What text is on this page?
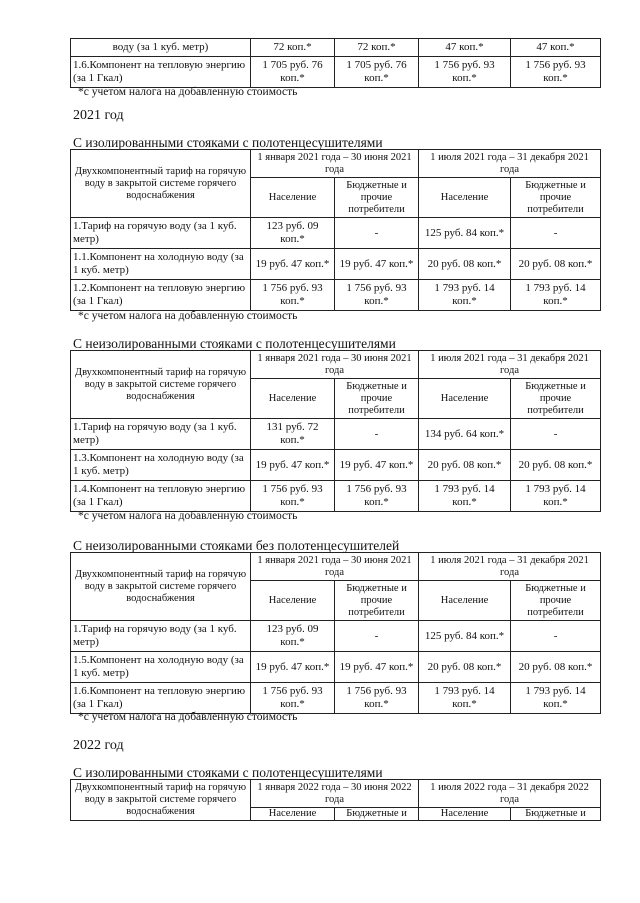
воду (за 1 куб. метр)	72 коп.*	72 коп.*	47 коп.*	47 коп.*
1.6.Компонент на тепловую энергию (за 1 Гкал)	1 705 руб. 76 коп.*	1 705 руб. 76 коп.*	1 756 руб. 93 коп.*	1 756 руб. 93 коп.*
*с учетом налога на добавленную стоимость
2021 год
С изолированными стояками с полотенцесушителями
Двухкомпонентный тариф на горячую воду в закрытой системе горячего водоснабжения	1 января 2021 года – 30 июня 2021 года		1 июля 2021 года – 31 декабря 2021 года	
	Население	Бюджетные и прочие потребители	Население	Бюджетные и прочие потребители
1.Тариф на горячую воду (за 1 куб. метр)	123 руб. 09 коп.*	-	125 руб. 84 коп.*	-
1.1.Компонент на холодную воду (за 1 куб. метр)	19 руб. 47 коп.*	19 руб. 47 коп.*	20 руб. 08 коп.*	20 руб. 08 коп.*
1.2.Компонент на тепловую энергию (за 1 Гкал)	1 756 руб. 93 коп.*	1 756 руб. 93 коп.*	1 793 руб. 14 коп.*	1 793 руб. 14 коп.*
*с учетом налога на добавленную стоимость
С неизолированными стояками с полотенцесушителями
Двухкомпонентный тариф на горячую воду в закрытой системе горячего водоснабжения	1 января 2021 года – 30 июня 2021 года		1 июля 2021 года – 31 декабря 2021 года	
	Население	Бюджетные и прочие потребители	Население	Бюджетные и прочие потребители
1.Тариф на горячую воду (за 1 куб. метр)	131 руб. 72 коп.*	-	134 руб. 64 коп.*	-
1.3.Компонент на холодную воду (за 1 куб. метр)	19 руб. 47 коп.*	19 руб. 47 коп.*	20 руб. 08 коп.*	20 руб. 08 коп.*
1.4.Компонент на тепловую энергию (за 1 Гкал)	1 756 руб. 93 коп.*	1 756 руб. 93 коп.*	1 793 руб. 14 коп.*	1 793 руб. 14 коп.*
*с учетом налога на добавленную стоимость
С неизолированными стояками без полотенцесушителей
Двухкомпонентный тариф на горячую воду в закрытой системе горячего водоснабжения	1 января 2021 года – 30 июня 2021 года		1 июля 2021 года – 31 декабря 2021 года	
	Население	Бюджетные и прочие потребители	Население	Бюджетные и прочие потребители
1.Тариф на горячую воду (за 1 куб. метр)	123 руб. 09 коп.*	-	125 руб. 84 коп.*	-
1.5.Компонент на холодную воду (за 1 куб. метр)	19 руб. 47 коп.*	19 руб. 47 коп.*	20 руб. 08 коп.*	20 руб. 08 коп.*
1.6.Компонент на тепловую энергию (за 1 Гкал)	1 756 руб. 93 коп.*	1 756 руб. 93 коп.*	1 793 руб. 14 коп.*	1 793 руб. 14 коп.*
*с учетом налога на добавленную стоимость
2022 год
С изолированными стояками с полотенцесушителями
Двухкомпонентный тариф на горячую воду в закрытой системе горячего водоснабжения	1 января 2022 года – 30 июня 2022 года		1 июля 2022 года – 31 декабря 2022 года	
	Население	Бюджетные и	Население	Бюджетные и
